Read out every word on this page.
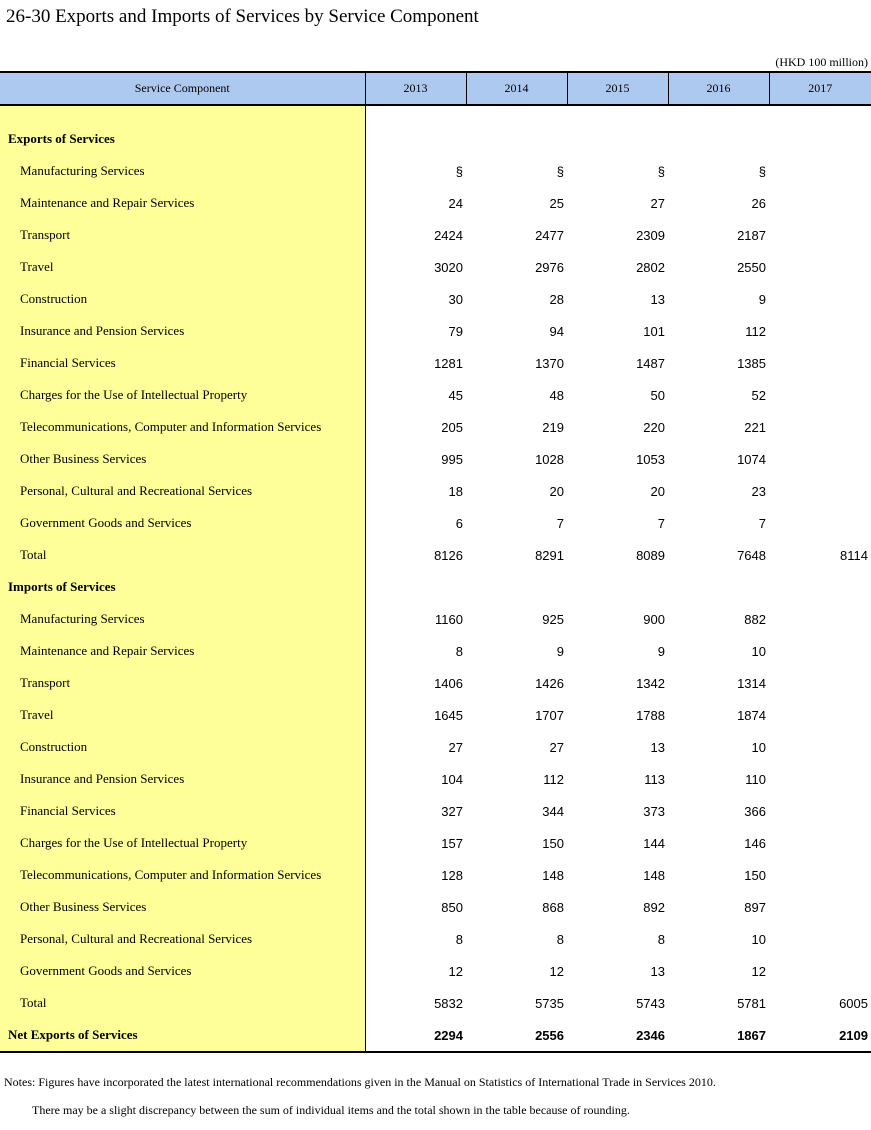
26-30 Exports and Imports of Services by Service Component
(HKD 100 million)
Service Component	2013	2014	2015	2016	2017

Exports of Services					
Manufacturing Services	§	§	§	§	
Maintenance and Repair Services	24	25	27	26	
Transport	2424	2477	2309	2187	
Travel	3020	2976	2802	2550	
Construction	30	28	13	9	
Insurance and Pension Services	79	94	101	112	
Financial Services	1281	1370	1487	1385	
Charges for the Use of Intellectual Property	45	48	50	52	
Telecommunications, Computer and Information Services	205	219	220	221	
Other Business Services	995	1028	1053	1074	
Personal, Cultural and Recreational Services	18	20	20	23	
Government Goods and Services	6	7	7	7	
Total	8126	8291	8089	7648	8114
Imports of Services					
Manufacturing Services	1160	925	900	882	
Maintenance and Repair Services	8	9	9	10	
Transport	1406	1426	1342	1314	
Travel	1645	1707	1788	1874	
Construction	27	27	13	10	
Insurance and Pension Services	104	112	113	110	
Financial Services	327	344	373	366	
Charges for the Use of Intellectual Property	157	150	144	146	
Telecommunications, Computer and Information Services	128	148	148	150	
Other Business Services	850	868	892	897	
Personal, Cultural and Recreational Services	8	8	8	10	
Government Goods and Services	12	12	13	12	
Total	5832	5735	5743	5781	6005
Net Exports of Services	2294	2556	2346	1867	2109

Notes: Figures have incorporated the latest international recommendations given in the Manual on Statistics of International Trade in Services 2010.

There may be a slight discrepancy between the sum of individual items and the total shown in the table because of rounding.
